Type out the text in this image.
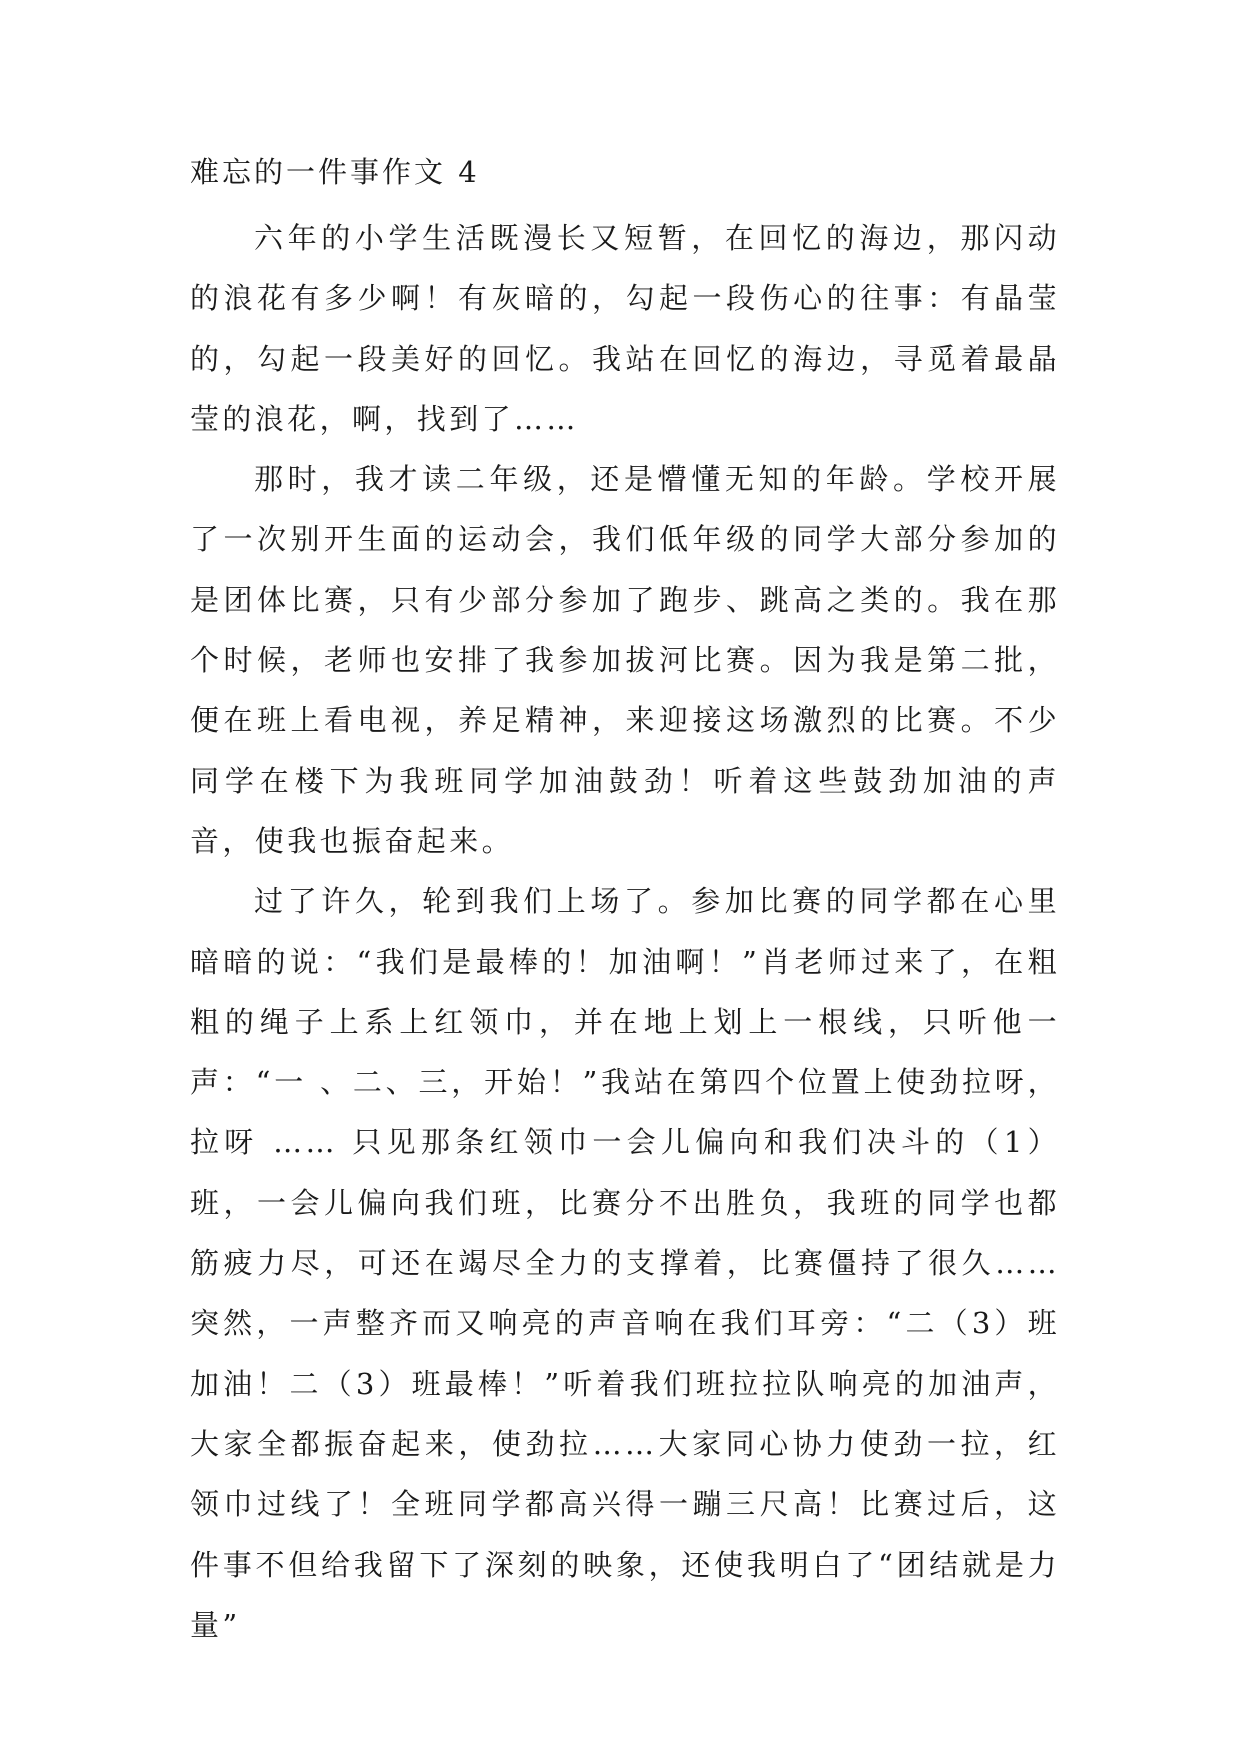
难忘的一件事作文 4

六年的小学生活既漫长又短暂，在回忆的海边，那闪动的浪花有多少啊！有灰暗的，勾起一段伤心的往事：有晶莹的，勾起一段美好的回忆。我站在回忆的海边，寻觅着最晶莹的浪花，啊，找到了……

那时，我才读二年级，还是懵懂无知的年龄。学校开展了一次别开生面的运动会，我们低年级的同学大部分参加的是团体比赛，只有少部分参加了跑步、跳高之类的。我在那个时候，老师也安排了我参加拔河比赛。因为我是第二批，便在班上看电视，养足精神，来迎接这场激烈的比赛。不少同学在楼下为我班同学加油鼓劲！听着这些鼓劲加油的声音，使我也振奋起来。

过了许久，轮到我们上场了。参加比赛的同学都在心里暗暗的说：“我们是最棒的！加油啊！”肖老师过来了，在粗粗的绳子上系上红领巾，并在地上划上一根线，只听他一声：“一 、二、三，开始！”我站在第四个位置上使劲拉呀，拉呀 …… 只见那条红领巾一会儿偏向和我们决斗的（1）班，一会儿偏向我们班，比赛分不出胜负，我班的同学也都筋疲力尽，可还在竭尽全力的支撑着，比赛僵持了很久……突然，一声整齐而又响亮的声音响在我们耳旁：“二（3）班加油！二（3）班最棒！”听着我们班拉拉队响亮的加油声，大家全都振奋起来，使劲拉……大家同心协力使劲一拉，红领巾过线了！全班同学都高兴得一蹦三尺高！比赛过后，这件事不但给我留下了深刻的映象，还使我明白了“团结就是力量”
